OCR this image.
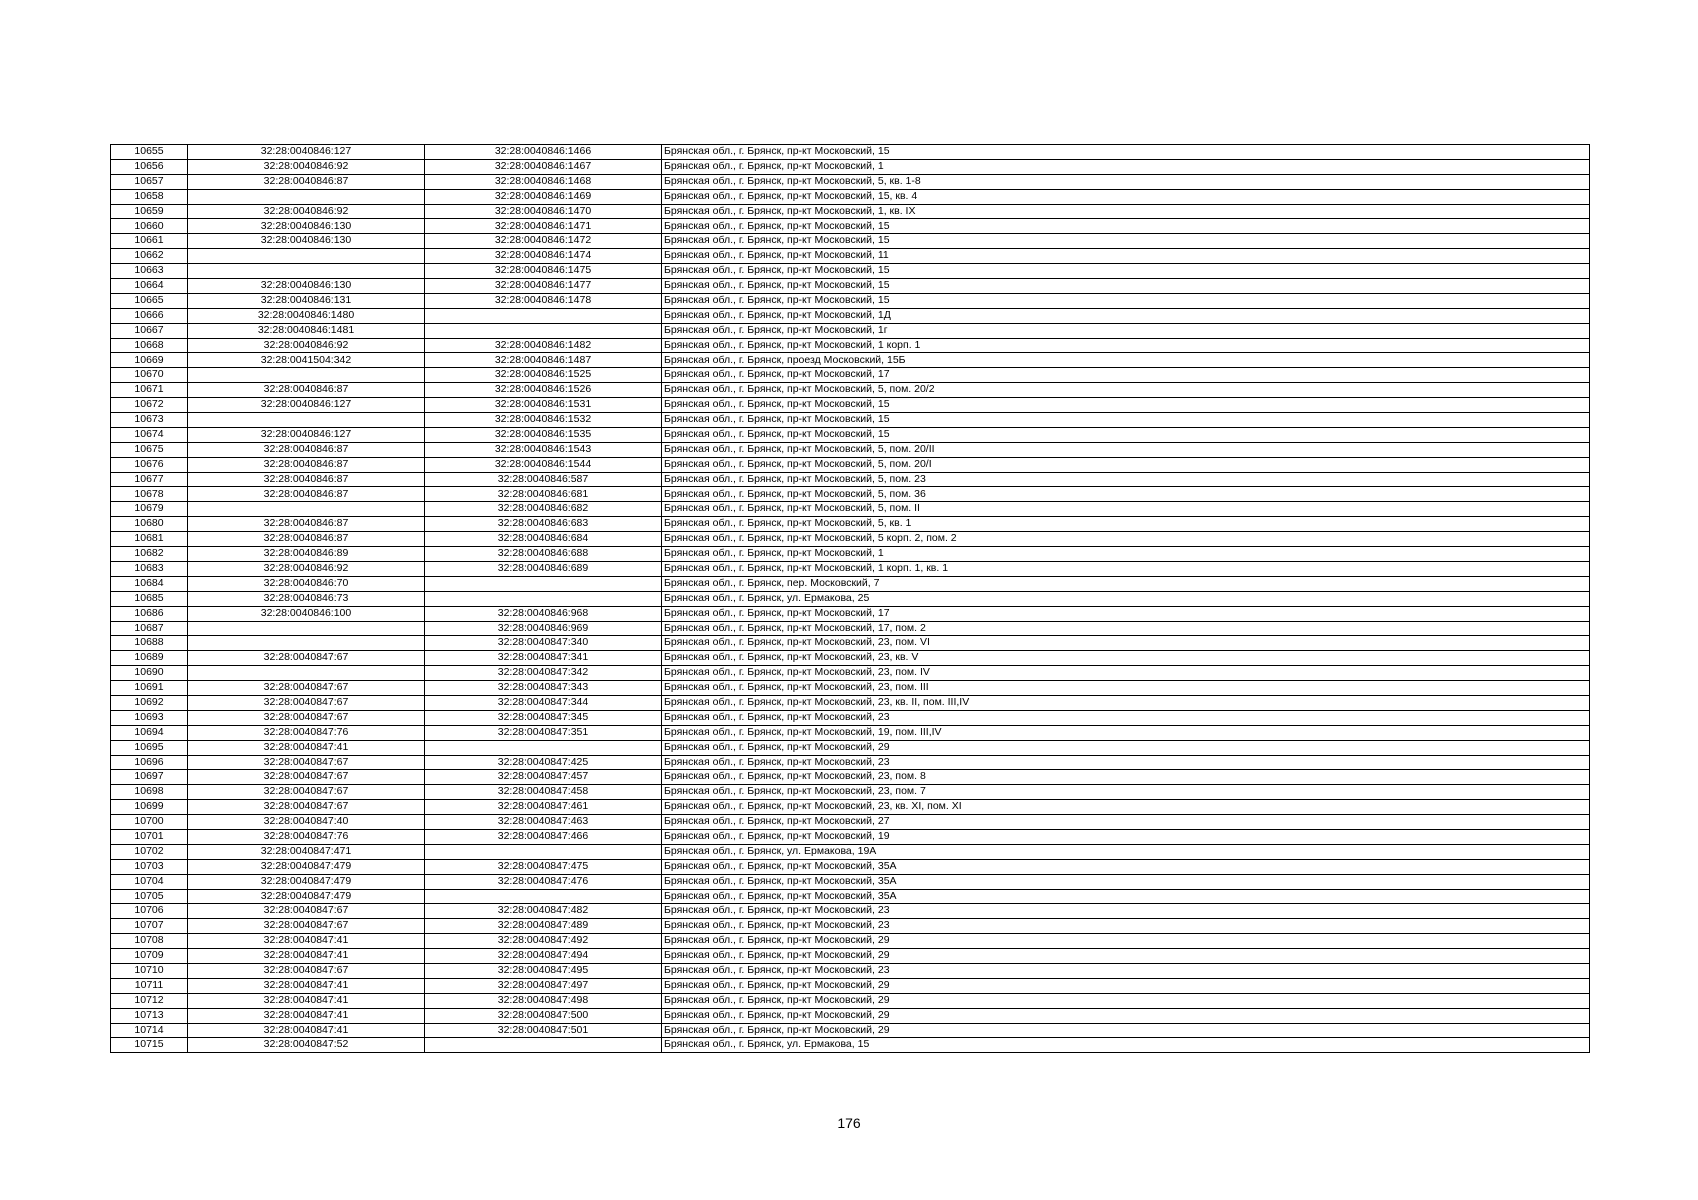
10655	32:28:0040846:127	32:28:0040846:1466	Брянская обл., г. Брянск, пр-кт Московский, 15
10656	32:28:0040846:92	32:28:0040846:1467	Брянская обл., г. Брянск, пр-кт Московский, 1
10657	32:28:0040846:87	32:28:0040846:1468	Брянская обл., г. Брянск, пр-кт Московский, 5, кв. 1-8
10658		32:28:0040846:1469	Брянская обл., г. Брянск, пр-кт Московский, 15, кв. 4
10659	32:28:0040846:92	32:28:0040846:1470	Брянская обл., г. Брянск, пр-кт Московский, 1, кв. IX
10660	32:28:0040846:130	32:28:0040846:1471	Брянская обл., г. Брянск, пр-кт Московский, 15
10661	32:28:0040846:130	32:28:0040846:1472	Брянская обл., г. Брянск, пр-кт Московский, 15
10662		32:28:0040846:1474	Брянская обл., г. Брянск, пр-кт Московский, 11
10663		32:28:0040846:1475	Брянская обл., г. Брянск, пр-кт Московский, 15
10664	32:28:0040846:130	32:28:0040846:1477	Брянская обл., г. Брянск, пр-кт Московский, 15
10665	32:28:0040846:131	32:28:0040846:1478	Брянская обл., г. Брянск, пр-кт Московский, 15
10666	32:28:0040846:1480		Брянская обл., г. Брянск, пр-кт Московский, 1Д
10667	32:28:0040846:1481		Брянская обл., г. Брянск, пр-кт Московский, 1г
10668	32:28:0040846:92	32:28:0040846:1482	Брянская обл., г. Брянск, пр-кт Московский, 1 корп. 1
10669	32:28:0041504:342	32:28:0040846:1487	Брянская обл., г. Брянск, проезд Московский, 15Б
10670		32:28:0040846:1525	Брянская обл., г. Брянск, пр-кт Московский, 17
10671	32:28:0040846:87	32:28:0040846:1526	Брянская обл., г. Брянск, пр-кт Московский, 5, пом. 20/2
10672	32:28:0040846:127	32:28:0040846:1531	Брянская обл., г. Брянск, пр-кт Московский, 15
10673		32:28:0040846:1532	Брянская обл., г. Брянск, пр-кт Московский, 15
10674	32:28:0040846:127	32:28:0040846:1535	Брянская обл., г. Брянск, пр-кт Московский, 15
10675	32:28:0040846:87	32:28:0040846:1543	Брянская обл., г. Брянск, пр-кт Московский, 5, пом. 20/II
10676	32:28:0040846:87	32:28:0040846:1544	Брянская обл., г. Брянск, пр-кт Московский, 5, пом. 20/I
10677	32:28:0040846:87	32:28:0040846:587	Брянская обл., г. Брянск, пр-кт Московский, 5, пом. 23
10678	32:28:0040846:87	32:28:0040846:681	Брянская обл., г. Брянск, пр-кт Московский, 5, пом. 36
10679		32:28:0040846:682	Брянская обл., г. Брянск, пр-кт Московский, 5, пом. II
10680	32:28:0040846:87	32:28:0040846:683	Брянская обл., г. Брянск, пр-кт Московский, 5, кв. 1
10681	32:28:0040846:87	32:28:0040846:684	Брянская обл., г. Брянск, пр-кт Московский, 5 корп. 2, пом. 2
10682	32:28:0040846:89	32:28:0040846:688	Брянская обл., г. Брянск, пр-кт Московский, 1
10683	32:28:0040846:92	32:28:0040846:689	Брянская обл., г. Брянск, пр-кт Московский, 1 корп. 1, кв. 1
10684	32:28:0040846:70		Брянская обл., г. Брянск, пер. Московский, 7
10685	32:28:0040846:73		Брянская обл., г. Брянск, ул. Ермакова, 25
10686	32:28:0040846:100	32:28:0040846:968	Брянская обл., г. Брянск, пр-кт Московский, 17
10687		32:28:0040846:969	Брянская обл., г. Брянск, пр-кт Московский, 17, пом. 2
10688		32:28:0040847:340	Брянская обл., г. Брянск, пр-кт Московский, 23, пом. VI
10689	32:28:0040847:67	32:28:0040847:341	Брянская обл., г. Брянск, пр-кт Московский, 23, кв. V
10690		32:28:0040847:342	Брянская обл., г. Брянск, пр-кт Московский, 23, пом. IV
10691	32:28:0040847:67	32:28:0040847:343	Брянская обл., г. Брянск, пр-кт Московский, 23, пом. III
10692	32:28:0040847:67	32:28:0040847:344	Брянская обл., г. Брянск, пр-кт Московский, 23, кв. II, пом. III,IV
10693	32:28:0040847:67	32:28:0040847:345	Брянская обл., г. Брянск, пр-кт Московский, 23
10694	32:28:0040847:76	32:28:0040847:351	Брянская обл., г. Брянск, пр-кт Московский, 19, пом. III,IV
10695	32:28:0040847:41		Брянская обл., г. Брянск, пр-кт Московский, 29
10696	32:28:0040847:67	32:28:0040847:425	Брянская обл., г. Брянск, пр-кт Московский, 23
10697	32:28:0040847:67	32:28:0040847:457	Брянская обл., г. Брянск, пр-кт Московский, 23, пом. 8
10698	32:28:0040847:67	32:28:0040847:458	Брянская обл., г. Брянск, пр-кт Московский, 23, пом. 7
10699	32:28:0040847:67	32:28:0040847:461	Брянская обл., г. Брянск, пр-кт Московский, 23, кв. XI, пом. XI
10700	32:28:0040847:40	32:28:0040847:463	Брянская обл., г. Брянск, пр-кт Московский, 27
10701	32:28:0040847:76	32:28:0040847:466	Брянская обл., г. Брянск, пр-кт Московский, 19
10702	32:28:0040847:471		Брянская обл., г. Брянск, ул. Ермакова, 19А
10703	32:28:0040847:479	32:28:0040847:475	Брянская обл., г. Брянск, пр-кт Московский, 35А
10704	32:28:0040847:479	32:28:0040847:476	Брянская обл., г. Брянск, пр-кт Московский, 35А
10705	32:28:0040847:479		Брянская обл., г. Брянск, пр-кт Московский, 35А
10706	32:28:0040847:67	32:28:0040847:482	Брянская обл., г. Брянск, пр-кт Московский, 23
10707	32:28:0040847:67	32:28:0040847:489	Брянская обл., г. Брянск, пр-кт Московский, 23
10708	32:28:0040847:41	32:28:0040847:492	Брянская обл., г. Брянск, пр-кт Московский, 29
10709	32:28:0040847:41	32:28:0040847:494	Брянская обл., г. Брянск, пр-кт Московский, 29
10710	32:28:0040847:67	32:28:0040847:495	Брянская обл., г. Брянск, пр-кт Московский, 23
10711	32:28:0040847:41	32:28:0040847:497	Брянская обл., г. Брянск, пр-кт Московский, 29
10712	32:28:0040847:41	32:28:0040847:498	Брянская обл., г. Брянск, пр-кт Московский, 29
10713	32:28:0040847:41	32:28:0040847:500	Брянская обл., г. Брянск, пр-кт Московский, 29
10714	32:28:0040847:41	32:28:0040847:501	Брянская обл., г. Брянск, пр-кт Московский, 29
10715	32:28:0040847:52		Брянская обл., г. Брянск, ул. Ермакова, 15
176
